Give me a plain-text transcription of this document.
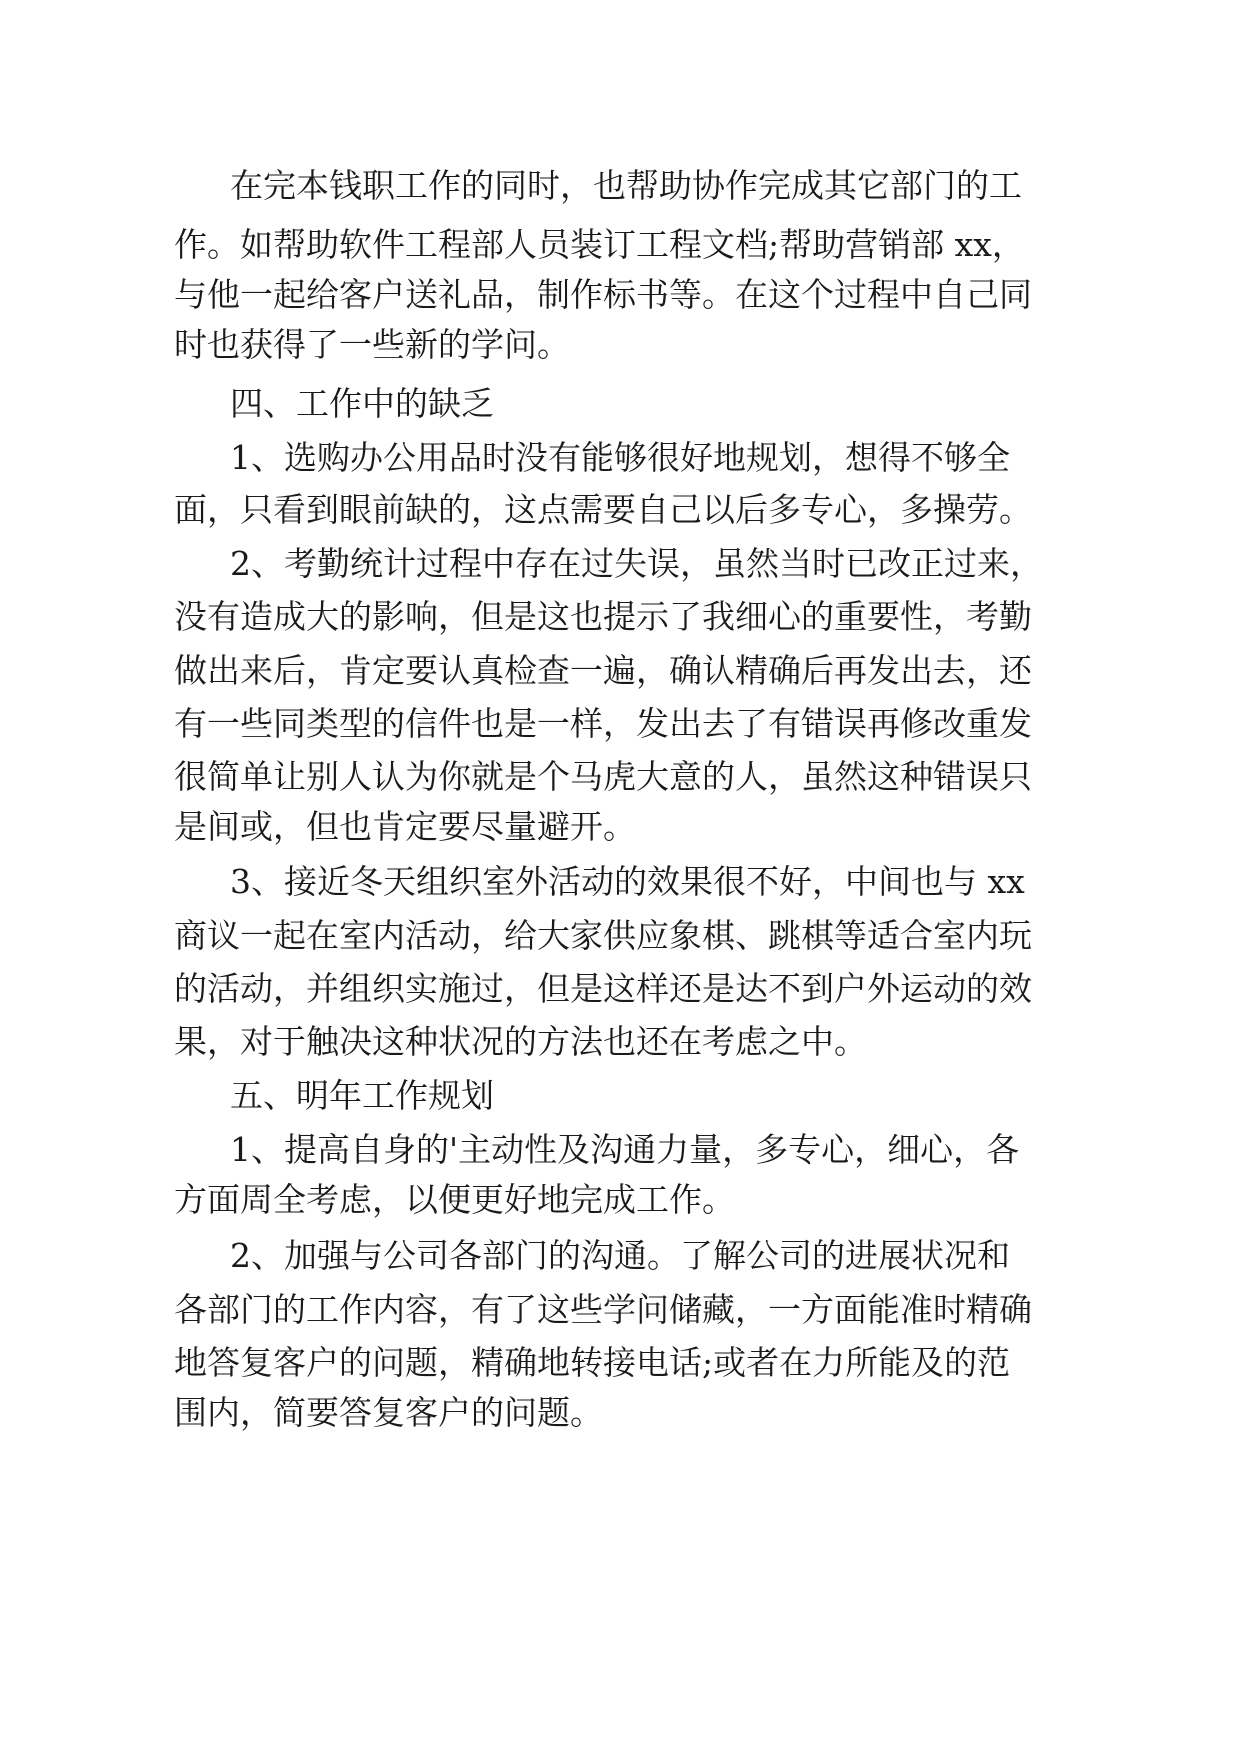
在完本钱职工作的同时，也帮助协作完成其它部门的工
作。如帮助软件工程部人员装订工程文档;帮助营销部 xx，
与他一起给客户送礼品，制作标书等。在这个过程中自己同
时也获得了一些新的学问。
四、工作中的缺乏
1、选购办公用品时没有能够很好地规划，想得不够全
面，只看到眼前缺的，这点需要自己以后多专心，多操劳。
2、考勤统计过程中存在过失误，虽然当时已改正过来，
没有造成大的影响，但是这也提示了我细心的重要性，考勤
做出来后，肯定要认真检查一遍，确认精确后再发出去，还
有一些同类型的信件也是一样，发出去了有错误再修改重发
很简单让别人认为你就是个马虎大意的人，虽然这种错误只
是间或，但也肯定要尽量避开。
3、接近冬天组织室外活动的效果很不好，中间也与 xx
商议一起在室内活动，给大家供应象棋、跳棋等适合室内玩
的活动，并组织实施过，但是这样还是达不到户外运动的效
果，对于触决这种状况的方法也还在考虑之中。
五、明年工作规划
1、提高自身的'主动性及沟通力量，多专心，细心，各
方面周全考虑，以便更好地完成工作。
2、加强与公司各部门的沟通。了解公司的进展状况和
各部门的工作内容，有了这些学问储藏，一方面能准时精确
地答复客户的问题，精确地转接电话;或者在力所能及的范
围内，简要答复客户的问题。
